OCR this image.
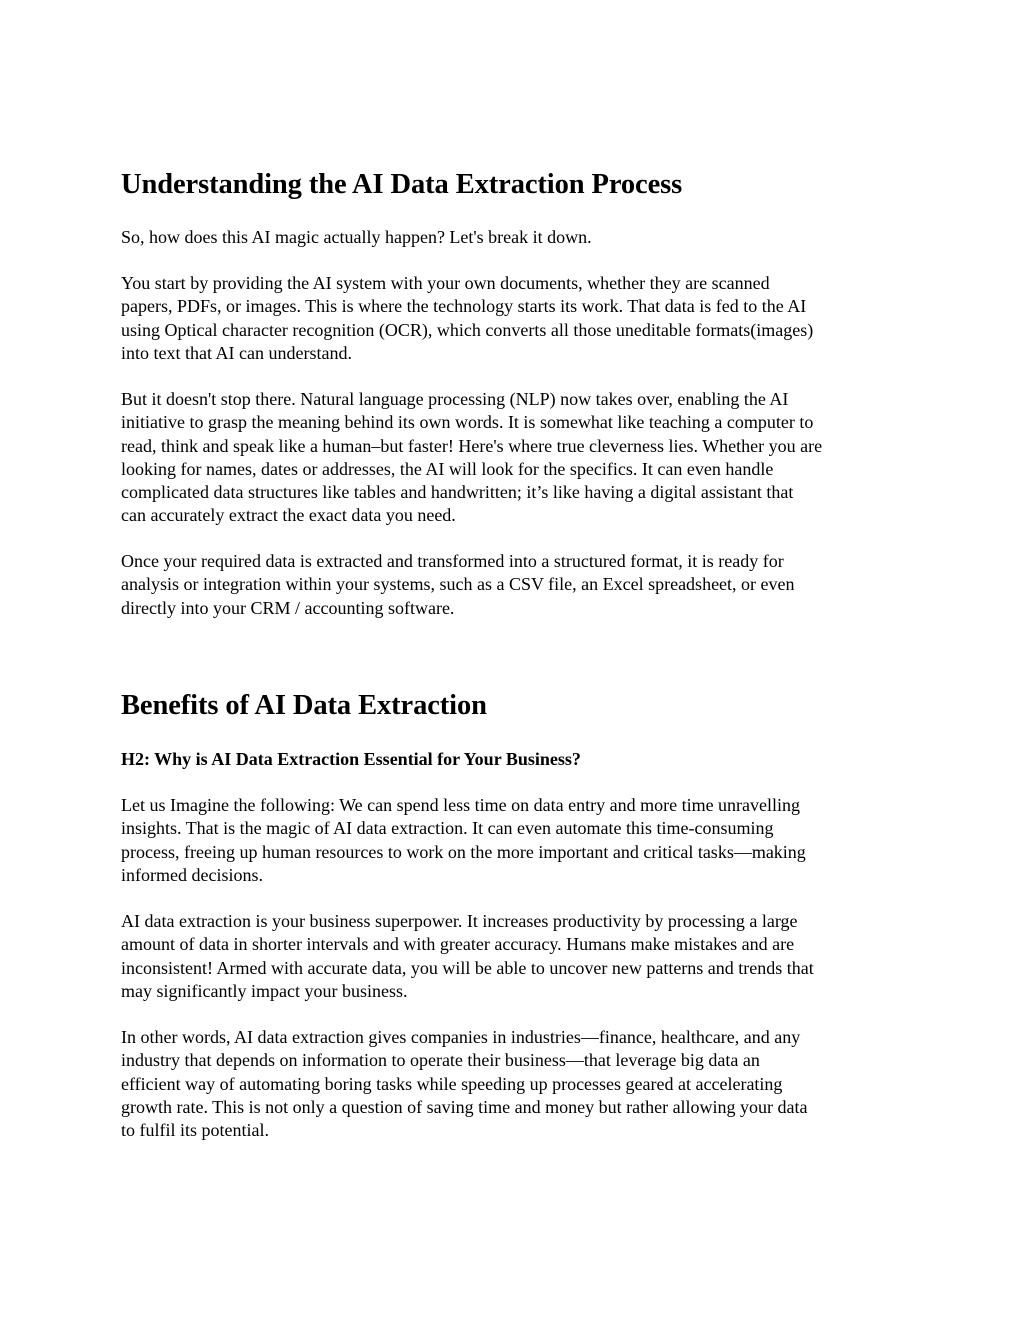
Understanding the AI Data Extraction Process

So, how does this AI magic actually happen? Let's break it down.

You start by providing the AI system with your own documents, whether they are scanned
papers, PDFs, or images. This is where the technology starts its work. That data is fed to the AI
using Optical character recognition (OCR), which converts all those uneditable formats(images)
into text that AI can understand.

But it doesn't stop there. Natural language processing (NLP) now takes over, enabling the AI
initiative to grasp the meaning behind its own words. It is somewhat like teaching a computer to
read, think and speak like a human–but faster! Here's where true cleverness lies. Whether you are
looking for names, dates or addresses, the AI will look for the specifics. It can even handle
complicated data structures like tables and handwritten; it’s like having a digital assistant that
can accurately extract the exact data you need.

Once your required data is extracted and transformed into a structured format, it is ready for
analysis or integration within your systems, such as a CSV file, an Excel spreadsheet, or even
directly into your CRM / accounting software.

Benefits of AI Data Extraction
H2: Why is AI Data Extraction Essential for Your Business?

Let us Imagine the following: We can spend less time on data entry and more time unravelling
insights. That is the magic of AI data extraction. It can even automate this time-consuming
process, freeing up human resources to work on the more important and critical tasks—making
informed decisions.

AI data extraction is your business superpower. It increases productivity by processing a large
amount of data in shorter intervals and with greater accuracy. Humans make mistakes and are
inconsistent! Armed with accurate data, you will be able to uncover new patterns and trends that
may significantly impact your business.

In other words, AI data extraction gives companies in industries—finance, healthcare, and any
industry that depends on information to operate their business—that leverage big data an
efficient way of automating boring tasks while speeding up processes geared at accelerating
growth rate. This is not only a question of saving time and money but rather allowing your data
to fulfil its potential.
